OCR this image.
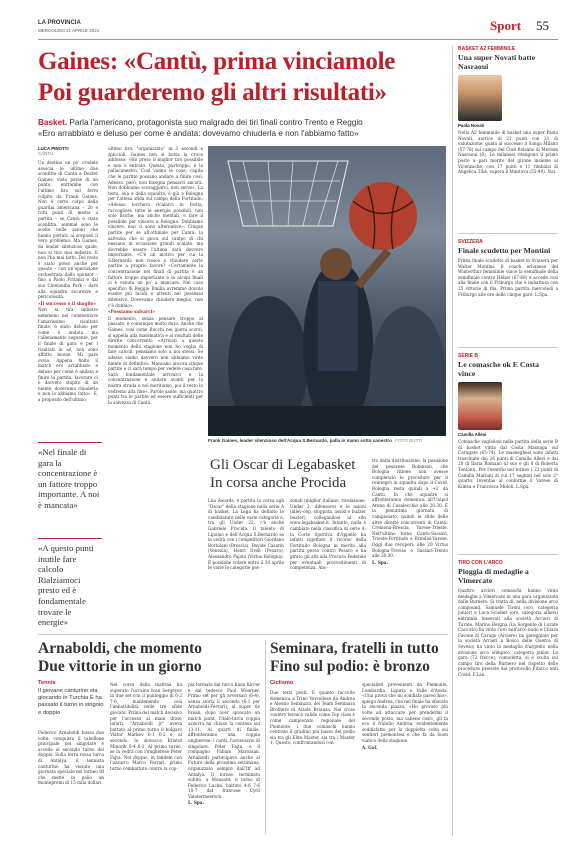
LA PROVINCIA
MERCOLEDÌ 21 APRILE 2021	Sport 55
Gaines: «Cantù, prima vinciamole
Poi guarderemo gli altri risultati»
Basket. Parla l'americano, protagonista suo malgrado dei tiri finali contro Trento e Reggio
«Ero arrabbiato e deluso per come è andata: dovevamo chiuderla e non l'abbiamo fatto»
LUCA PINOTTI
CANTÙ

Un destino un po' crudele associa le ultime due sconfitte di Cantù a Dexter Gaines, visto perse di un punto, entrambe con l'ultimo tiro sul ferro colpito da Frank Gaines. Non è certo colpa della guardia americana – 20 e rotti punti di media a partita – se Cantù è stata sconfitta, semmai sono le scelte nelle azioni che hanno portato ai sorpassi il vero problema. Ma Gaines, da leader silenzioso quale, non si tira mai indietro. E non l'ha mai fatto. Del resto è stato preso anche per questo – con un'operazione orchestrata dallo sponsor – fino a Paolo Fritanzi e dal suo Cinelandia Park – dare alla squadra sicurezze e pericolosità.

«Il successo è il sbaglio»

Non si tira indietro nemmeno nel commentare l'amarissimo risultato finale: è stato deluso per come è andata ma l'allenamento seguente, per il finale di gara e per i risultati in sé, non sono affatto buone. Mi pare ovvio. Appena finito il match ero arrabbiato e deluso per come è andata e finire la partita, lavorare ci è davvero stupito di un niente, dovevamo chiuderla e non lo abbiamo fatto». E, a proposito dell'ultimo,

«Nel finale di gara la concentrazione è un fattore troppo importante. A noi è mancata»
«A questo punti inutile fare calcolo Rialziamoci presto ed è fondamentale trovare le energie»

ultimo tiro, "organizzato" in 3 secondi e spiccioli, Gaines non si butta la croce addosso: «Ho preso il miglior tiro possibile e non è entrato. Questa, purtroppo, è la pallacanestro. Così vanno le cose, capita che le partite possano andare a finire così. Adesso, però, non bisogna pensarci ancora. Non dobbiamo scoraggiarci, non serve». La testa, sua e della squadra, è già a Bologna per l'attesa sfida sul campo della Fortitudo: «Adesso torcherà ricalarci in fretta, raccogliere tutte le energie possibili, non solo fisiche, ma anche mentali, e fare il possibile per vincere a Bologna. Dobbiamo vincere, non ci sono alternative». Cinque partite per se all'ottimale per Cantù: la salvezza che si gioca sul campo di chi nessuno in occasione grandi scalate, ma dovrebbe essere l'ultima sarà davvero importante. «C'è un motivo per cui la S.Bernardo non riesce a chiudere certe partite a proprio favore? «Certamente la concentrazione nei finali di partita è un fattore troppo importante e in alcuni finali ci è venuta un po' a mancare. Nel caso specifico di Reggio Emilia avremmo dovuto essere più lucidi e attenti nel possesso difensivo. Dovevamo chiudere meglio, non c'è dubbio».

«Possiamo salvarci»

Il momento, senza pensare troppo al passato, è comunque molto duro. Anche che Gaines, così come Bucchi nei giorni scorsi, si appella alla matematica e ai risultati delle dirette concorrenti: «Arrivati a questo momento della stagione non ho voglia di fare calcoli, pensiamo solo a noi stessi. Se adesso siamo davvero non abbiamo vinto niente di definitivo. Mancano ancora cinque partite e ci sarà tempo per vedere cosa fare. Sarà fondamentale arrivarci e la concentrazione e andare avanti per la nostra strada e noi meritiamo, poi il resto lo vedremo alla fine». Parole sante, ma quattro punti tra le partite ed essere sufficienti per la salvezza di Cantù.

Frank Gaines, leader silenzioso dell'Acqua S.Bernardo, palla in mano sotto canestro FOTO BUTTI
Gli Oscar di Legabasket
In corsa anche Procida

Lba Awards, è partita la corsa agli "Oscar" della stagione nella serie A di basket. La Lega ha definito le candidature nelle varie categorie e, tra gli Under 22, c'è anche Gabriele Procida. Il talento di Lipomo e dell'Acqua S.Bernardo se la vedrà con i competitori Giordano Bortolani (Brescia), Davide Casarin (Venezia), Henri Drell (Pesaro), Alessandro Pajola (Virtus Bologna). È possibile votare entro il 30 aprile le varie le categorie per-

sonali (miglior italiano, rivelazione, Under 2, difensore) e le azioni (alley-oop, stoppata, assist e buzzer beater), collegandosi al sito www.legabasket.it. Intanto, nulla è cambiato nella classifica di serie A: la Corte Sportiva d'Appello ha infatti rigettato il ricorso della Fortitudo Bologna in merito alla partita persa contro Pesaro e ha girato gli atti alla Procura Federale per eventuali provvedimenti di competenza. Anc-

tro della distribuzione, la posizione del pesarese Robinson, che Bologna ritiene non avesse completato le procedure per il reintegro in squadra dopo il Covid. Bologna resta quindi a +2 da Cantù. In che squadre si affronteranno domenica all'Unipol Arena di Casalecchio alle 20.30. È la penultima giornata di campionato, quindi le sfide delle altre dirette concorrenti di Cantù: Cremona-Brescia, Varese-Trieste. Nell'ultimo turno Cantù-Sassari, Trieste-Fortitudo e Brindisi-Varese. Oggi due recuperi: alle 20 Virtus Bologna-Treviso e Sassari-Trento alle 20.30.

L. Spa.

Arnaboldi, che momento
Due vittorie in un giorno
Tennis
Il giovane canturino sta giocando in Turchia E ha passato il turno in singolo e doppio

Federico Arnaboldi bussa due volte: conquista il tabellone principale nel singolare e accede al secondo turno del doppio. Sulla terra rossa turca di Antalya, il tennista canturino ha vissuto una giornata speciale nel torneo Itf che mette in palio un montepremi di 15 mila dollari.

Nel corso della mattina ha superato l'ucraino Ivan Sergeyev in due set con il punteggio di 6-2 7-6, mantenendo così l'imbattibilità nelle tre sfide giocate. Prima del match decisivo per l'accesso al main draw, infatti, "Arnaboldi jr" aveva battuto al primo turno il bulgaro Viktor Markov 6-1 6-2 e, al secondo, lo slovacco Kristof Minarik 6-4 6-2. Al primo turno, se la vedrà con l'ungherese Peter Fajta. Nel doppio, in tandem con l'azzurro Marco Ferrari, primo turno combattuto contro la cop-

pia formata dal turco Kaan Kircer e dal tedesco Paul Woerner. Primo set per gli avversari (6-4), senza storia il secondo (6-1 per Arnaboldi-Ferrari), al super tie break, dopo aver sprecato un match point, l'italo-turca coppia azzurra ha chiuso la contesa sul 13-11. Ai quarti di finale, affronteranno una coppia ungherese: i cardi, l'avversario di singolare, Peter Fajta, e il compagno Fabian Marozsan. Arnaboldi partecipava anche al Future della prossima settimana, organizzato sempre dall'Itf ad Antalya. Il torneo terminato subito, a Monastir, il turno di Federico Lucini, battuto 4-6 7-6 10-7 dal francese Cyril Vandermeersch.

L. Spa.

Seminara, fratelli in tutto
Fino sul podio: è bronzo
Ciclismo

Due terzi posti. È quanto raccolto domenica a Trino Vercellese da Andrea e Alessio Seminara, dei Team Seminara Brothers di Alzate Brianza. Nel cross country tecnico valido come Top class e come campionato regionale del Piemonte, i due comaschi hanno centrato il gradino più basso del podio sia tra gli Elite Master, sia tra i Master 1. Questo, confrontandosi con

specialisti provenienti da Piemonte, Lombardia, Liguria e Valle d'Aosta. «Una prova che mi soddisfa parecchio», spiega Andrea, che nel finale ha sfiorato la seconda piazza. «Ho provato più volte ad attaccare per prendermi il secondo posto, ma vabene così», gli fa eco il fratello Andrea, evidentemente soddisfatto per la doppietta colta sui sentieri piemontesi e che fa da buon viatico della stagione.

A. Gaf.

BASKET A2 FEMMINILE
Una super Novati batte Nasraoui
Paola Novati
Nella A2 femminile di basket una super Paola Novati, autrice di 21 punti con 31 di valutazione, guida al successo il Sanga Milano (57-78) sul campo del Club Bolzano di Meriem Nasraoui (8). Le milanesi ritengono il primo posto a pari merito del girone insieme al Vicenzache, con 17 punti e 11 rimbalzi di Angelica Tibè, supera il Mantova (55-49). Nal.
SVIZZERA
Finale scudetto per Montini
Prima finale scudetto di basket in Svizzera per Walter Montini. Il coach erbanese del Winterthur femminile vince la semifinale della semifinale contro Hélios (87-69) e accede così alla finale con il Friburgo che è imbattuta con 25 vittorie di fila. Prima partita mercoledì a Friburgo alle ore delle cinque gare. L.Spa.
SERIE B
Le comasche ok E Costa vince
Camilla Allevi
Comasche vagliolosi nella partita della serie B di basket vinta dal Costa Masnaga sul Carugate (65-74). Le masneghesi sono infatti trascinate dai 26 punti di Camilla Allevi e dai 20 di Ilaria Romanò (il suo è gli 8 di Roberta Tontoni). Per l'esordio nel torneo i 22 punti di Camilla Mariani di cui 17 segnati nel solo 2° quarto. Inventas al conforme il Varese di Kiinea e Francesca Midoli. L.Spa.
TIRO CON L'ARCO
Pioggia di medaglie a Vimercate
Quattro arcieri comaschi hanno vinto medaglie a Vimercate in una gara organizzata dalle Burnero. Si tratta di, nella divisione arco compound, Samuele Tironi (oro, categoria junior) e Luca Scuderi (oro, categoria allievi) entrambi tesserati alla società Arcieri di Turate. Marino Bergna (La Sorgente di Lurate Caccivio) ha vinto l'oro nell'arco nudo e Chiara Favone di Carugo (Arciere) ha gareggiato per la società Arcieri a Bosco delle Querce di Seveso) ha vinto la medaglia d'argento nella divisione arco olimpico, categoria junior. La gara (72 frecce), comodetta, si è svolta sul campo tiro della Burnero nel rispetto delle procedure previste dal protocollo Fitarco anti Covid. F.Lan.
